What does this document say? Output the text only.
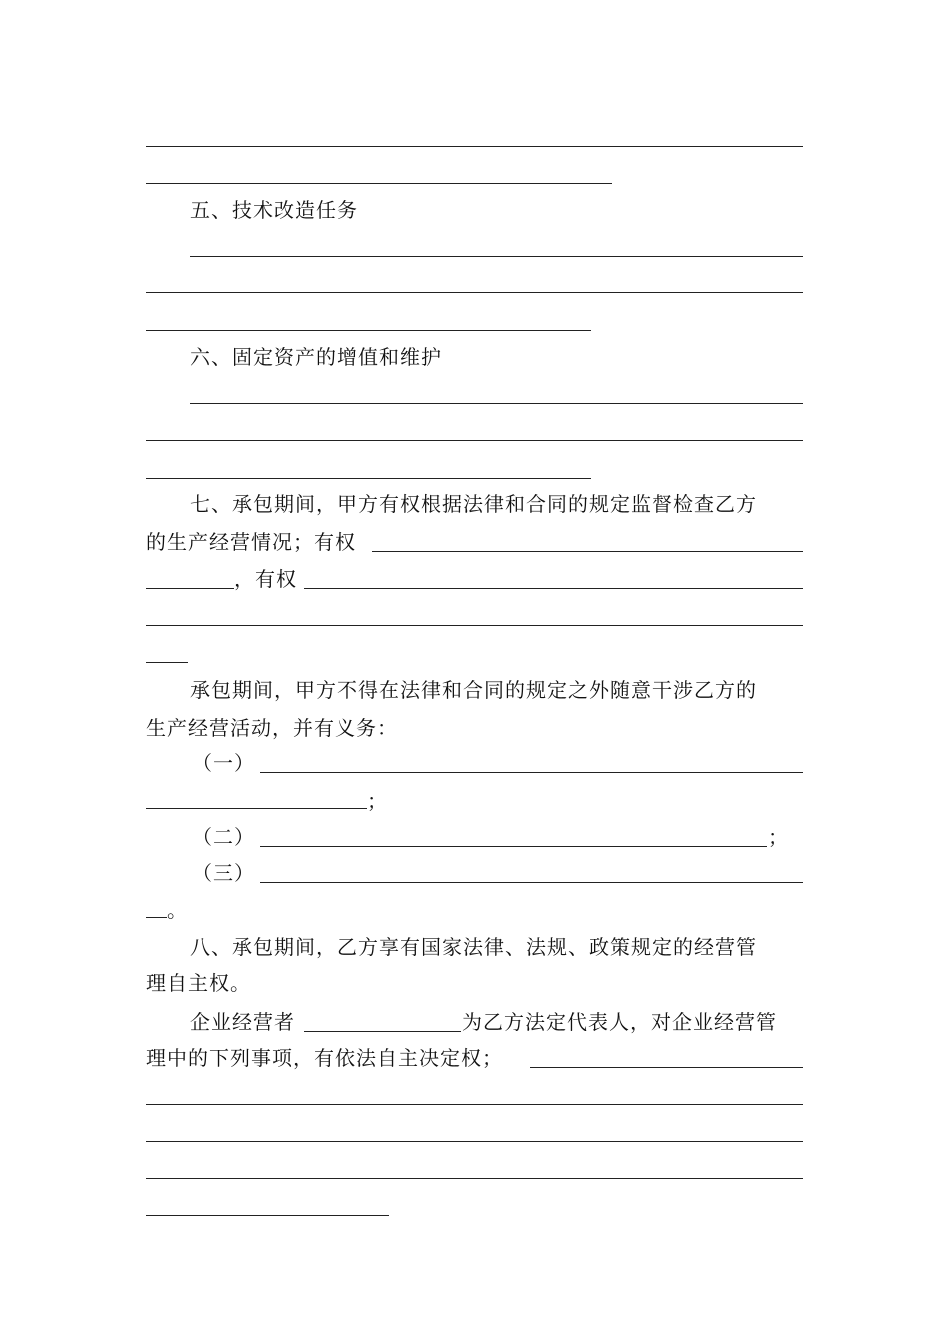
五、技术改造任务
六、固定资产的增值和维护
七、承包期间，甲方有权根据法律和合同的规定监督检查乙方
的生产经营情况；有权
，有权
承包期间，甲方不得在法律和合同的规定之外随意干涉乙方的
生产经营活动，并有义务：
（一）
；
（二）	；
（三）
。
八、承包期间，乙方享有国家法律、法规、政策规定的经营管
理自主权。
企业经营者	为乙方法定代表人，对企业经营管
理中的下列事项，有依法自主决定权；
